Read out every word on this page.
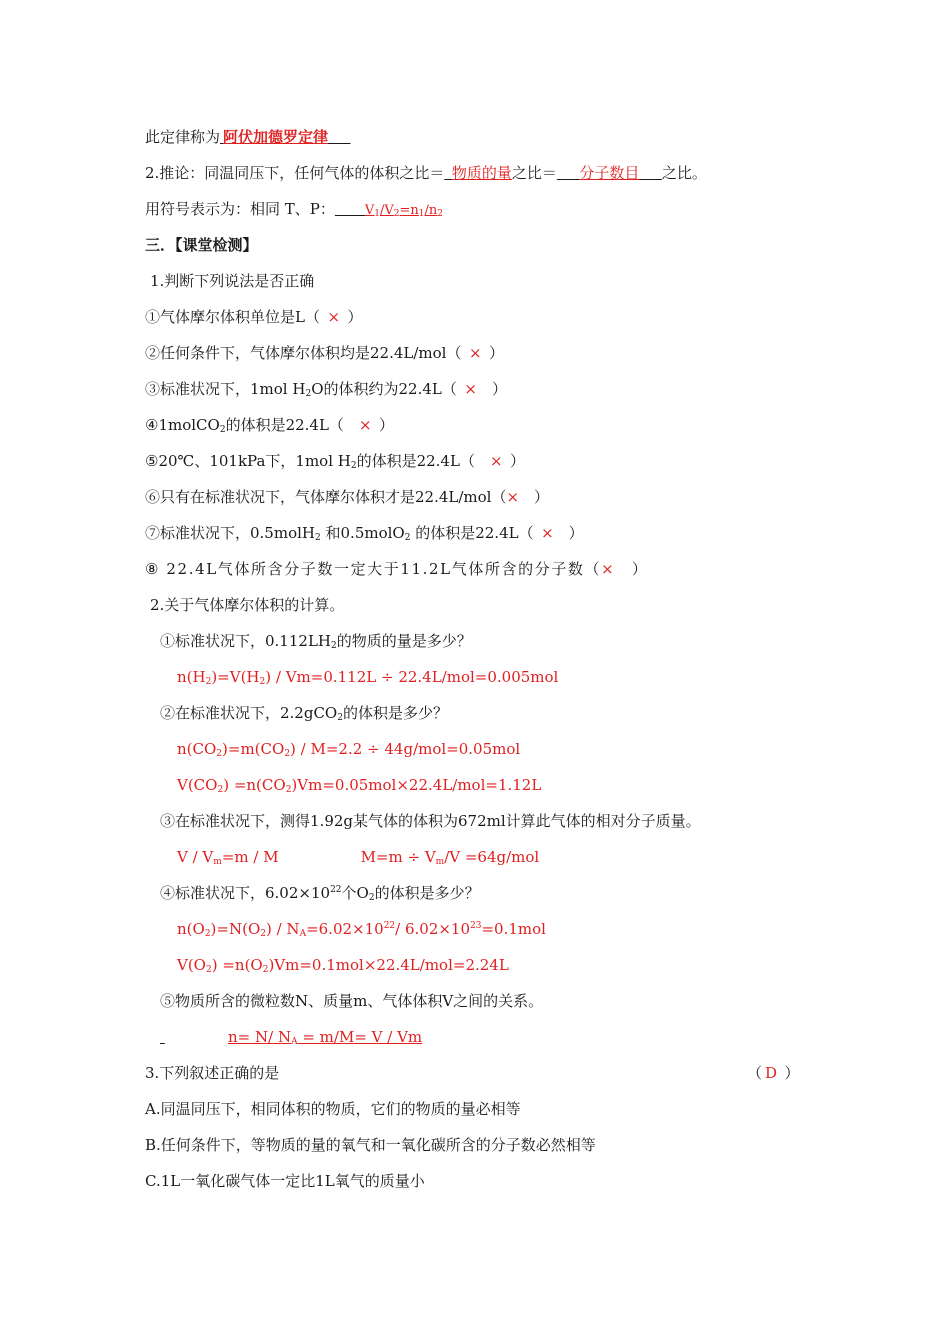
此定律称为  阿伏加德罗定律  
2.推论：同温同压下，任何气体的体积之比＝  物质的量之比＝   分子数目   之比。
用符号表示为：相同 T、P：   $V_1/V_2=n_1/n_2$
三．【课堂检测】
1.判断下列说法是否正确
①气体摩尔体积单位是L（  ×  ）
②任何条件下，气体摩尔体积均是22.4L/mol（  ×  ）
③标准状况下，1mol $H_2O$的体积约为22.4L（  ×  ）
④1molCO$_2$的体积是22.4L（  ×  ）
⑤20℃、101kPa下，1mol $H_2$的体积是22.4L（  ×  ）
⑥只有在标准状况下，气体摩尔体积才是22.4L/mol（×  ）
⑦标准状况下，0.5molH$_2$ 和0.5molO$_2$ 的体积是22.4L（  ×  ）
⑧ 22.4L气体所含分子数一定大于11.2L气体所含的分子数（×  ）
2.关于气体摩尔体积的计算。
①标准状况下，$0.112LH_2$的物质的量是多少？
$n(H_2)=V(H_2) / Vm=0.112L \div 22.4L/mol=0.005mol$
②在标准状况下，2.2gCO$_2$的体积是多少？
$n(CO_2)=m(CO_2) / M=2.2 \div 44g/mol=0.05mol$
$V(CO_2) =n(CO_2)Vm=0.05mol\times 22.4L/mol=1.12L$
③在标准状况下，测得1.92g某气体的体积为672ml计算此气体的相对分子质量。
$V / V_m=m / M$	$M=m \div V_m/V =64g/mol$
④标准状况下，$6.02\times 10^{22}$个$O_2$的体积是多少？
$n(O_2)=N(O_2) / N_A=6.02\times 10^{22}/$ $6.02\times 10^{23}=0.1mol$
$V(O_2) =n(O_2)Vm=0.1mol\times 22.4L/mol=2.24L$
⑤物质所含的微粒数N、质量m、气体体积V之间的关系。
n= N/ $N_A = m/M= V / Vm$
3.下列叙述正确的是	（  D  ）
A.同温同压下，相同体积的物质，它们的物质的量必相等
B.任何条件下，等物质的量的氧气和一氧化碳所含的分子数必然相等
C.1L一氧化碳气体一定比1L氧气的质量小
